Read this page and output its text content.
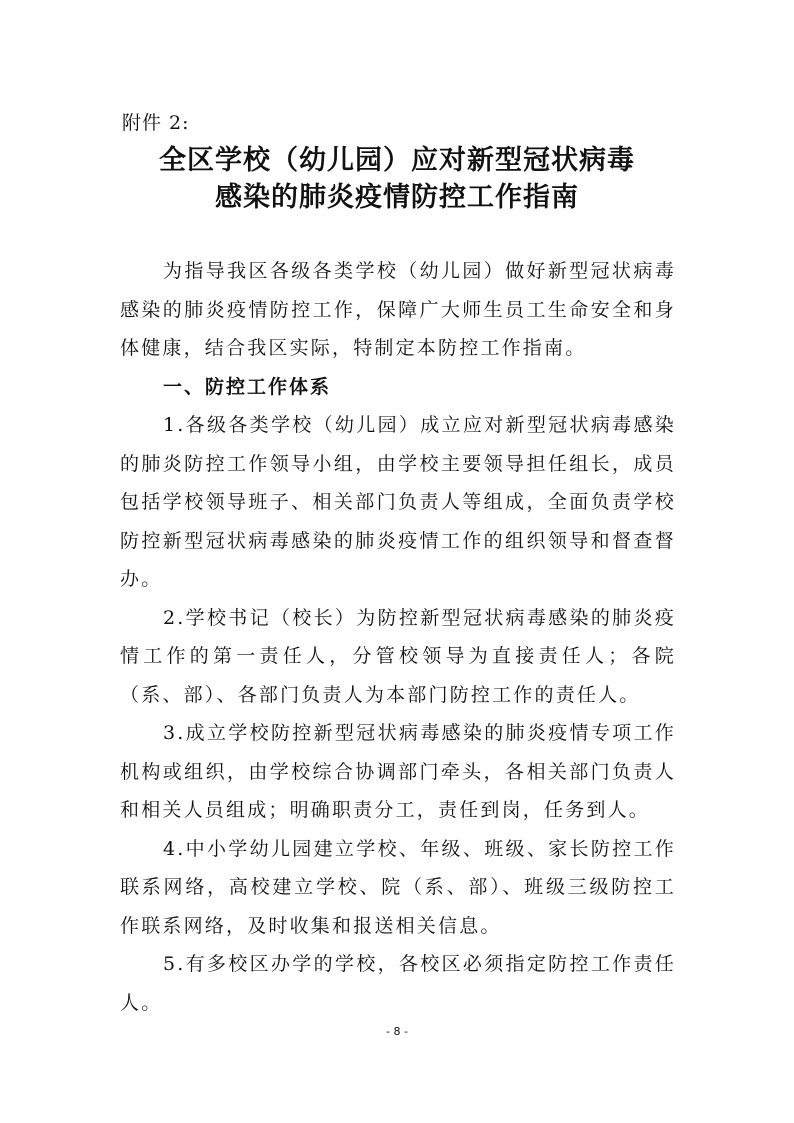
附件 2:
全区学校（幼儿园）应对新型冠状病毒
感染的肺炎疫情防控工作指南

为指导我区各级各类学校（幼儿园）做好新型冠状病毒感染的肺炎疫情防控工作，保障广大师生员工生命安全和身体健康，结合我区实际，特制定本防控工作指南。

一、防控工作体系

1.各级各类学校（幼儿园）成立应对新型冠状病毒感染的肺炎防控工作领导小组，由学校主要领导担任组长，成员包括学校领导班子、相关部门负责人等组成，全面负责学校防控新型冠状病毒感染的肺炎疫情工作的组织领导和督查督办。

2.学校书记（校长）为防控新型冠状病毒感染的肺炎疫情工作的第一责任人，分管校领导为直接责任人；各院（系、部）、各部门负责人为本部门防控工作的责任人。

3.成立学校防控新型冠状病毒感染的肺炎疫情专项工作机构或组织，由学校综合协调部门牵头，各相关部门负责人和相关人员组成；明确职责分工，责任到岗，任务到人。

4.中小学幼儿园建立学校、年级、班级、家长防控工作联系网络，高校建立学校、院（系、部）、班级三级防控工作联系网络，及时收集和报送相关信息。

5.有多校区办学的学校，各校区必须指定防控工作责任人。

- 8 -
